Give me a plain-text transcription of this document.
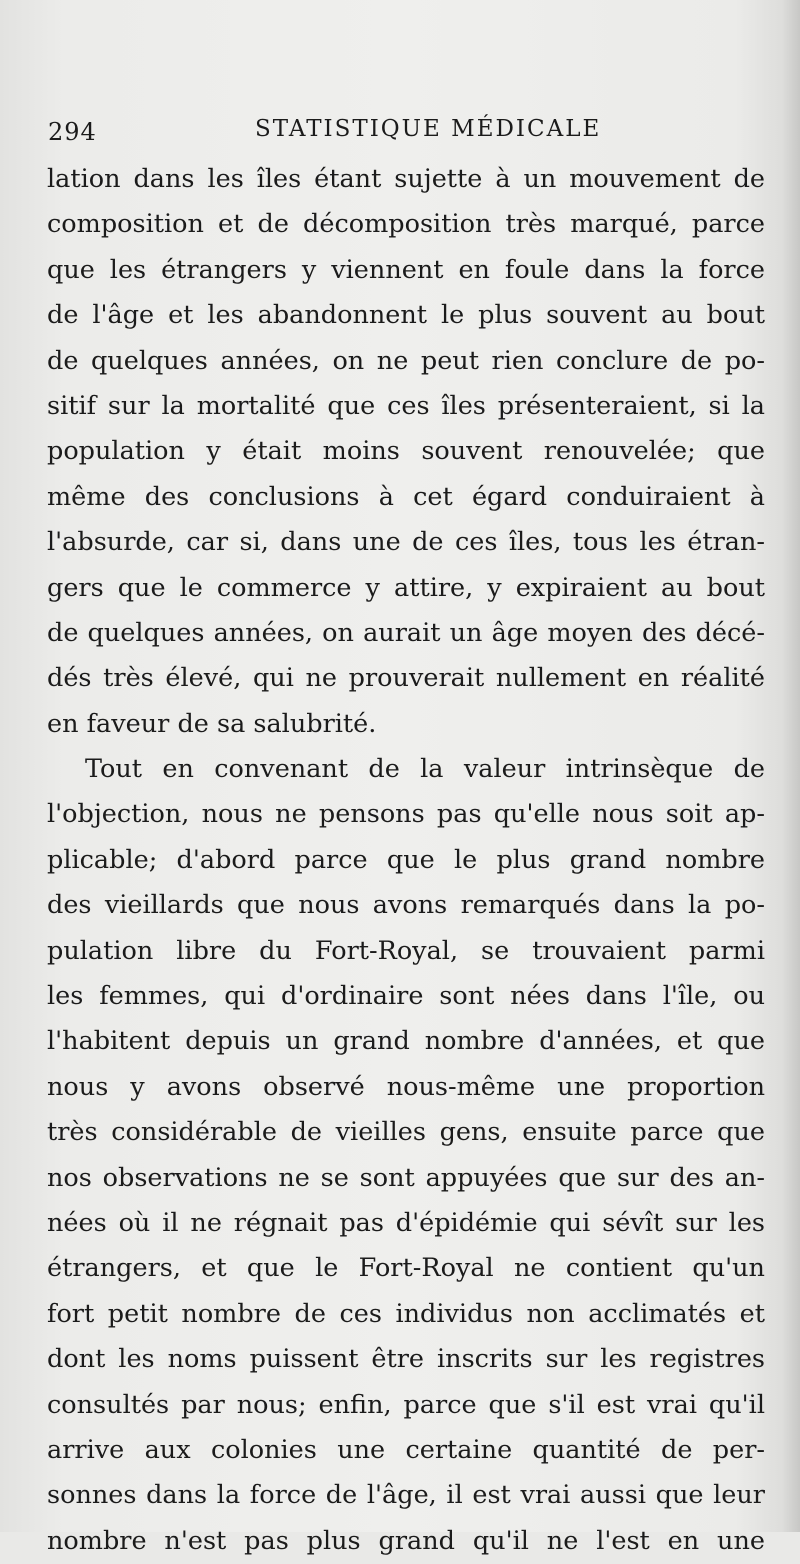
294	STATISTIQUE MÉDICALE
lation dans les îles étant sujette à un mouvement de
composition et de décomposition très marqué, parce
que les étrangers y viennent en foule dans la force
de l'âge et les abandonnent le plus souvent au bout
de quelques années, on ne peut rien conclure de po-
sitif sur la mortalité que ces îles présenteraient, si la
population y était moins souvent renouvelée; que
même des conclusions à cet égard conduiraient à
l'absurde, car si, dans une de ces îles, tous les étran-
gers que le commerce y attire, y expiraient au bout
de quelques années, on aurait un âge moyen des décé-
dés très élevé, qui ne prouverait nullement en réalité
en faveur de sa salubrité.
Tout en convenant de la valeur intrinsèque de
l'objection, nous ne pensons pas qu'elle nous soit ap-
plicable; d'abord parce que le plus grand nombre
des vieillards que nous avons remarqués dans la po-
pulation libre du Fort-Royal, se trouvaient parmi
les femmes, qui d'ordinaire sont nées dans l'île, ou
l'habitent depuis un grand nombre d'années, et que
nous y avons observé nous-même une proportion
très considérable de vieilles gens, ensuite parce que
nos observations ne se sont appuyées que sur des an-
nées où il ne régnait pas d'épidémie qui sévît sur les
étrangers, et que le Fort-Royal ne contient qu'un
fort petit nombre de ces individus non acclimatés et
dont les noms puissent être inscrits sur les registres
consultés par nous; enfin, parce que s'il est vrai qu'il
arrive aux colonies une certaine quantité de per-
sonnes dans la force de l'âge, il est vrai aussi que leur
nombre n'est pas plus grand qu'il ne l'est en une
